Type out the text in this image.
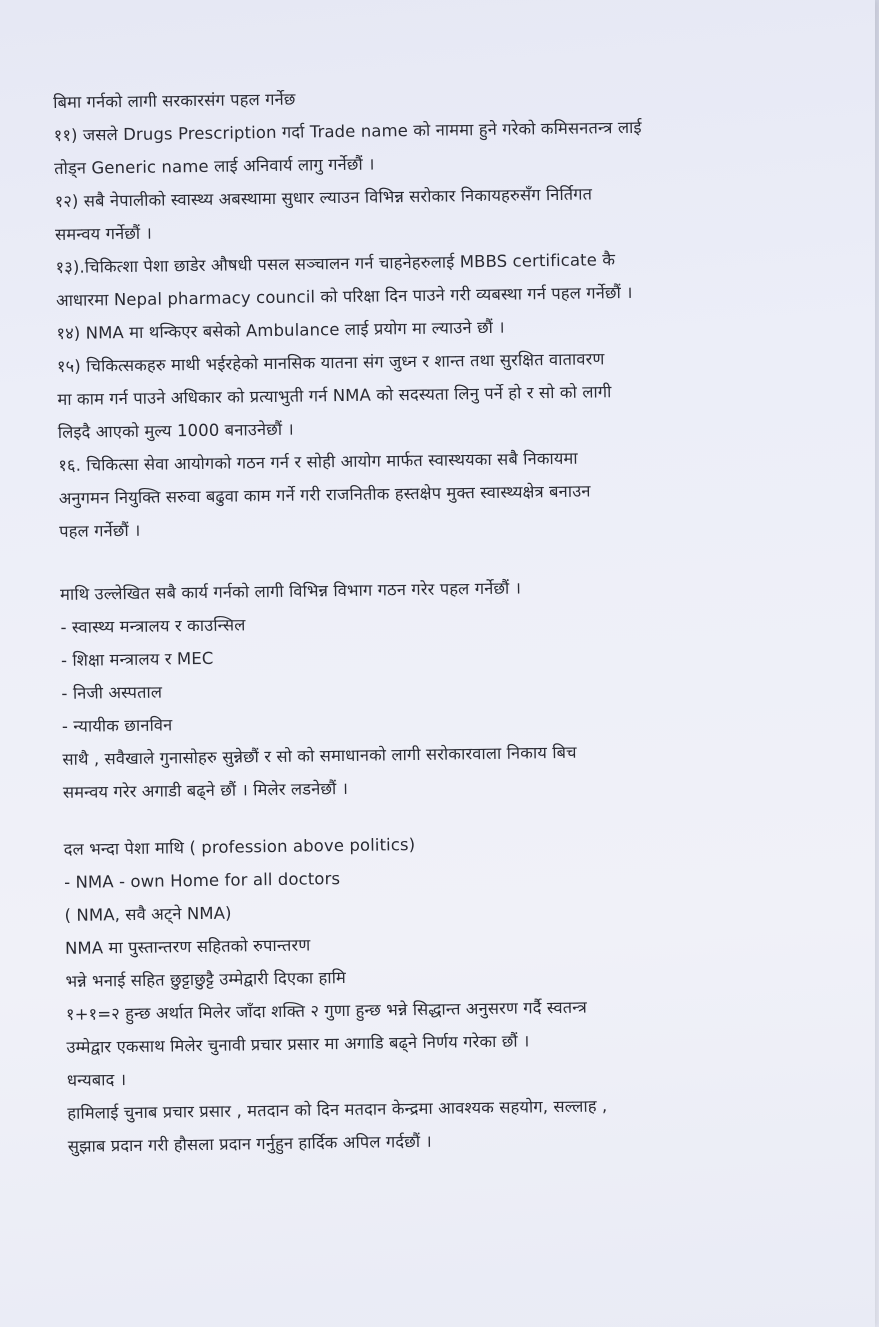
बिमा गर्नको लागी सरकारसंग पहल गर्नेछ
११) जसले Drugs Prescription गर्दा Trade name को नाममा हुने गरेको कमिसनतन्त्र लाई
तोड्न Generic name लाई अनिवार्य लागु गर्नेछौं ।
१२) सबै नेपालीको स्वास्थ्य अबस्थामा सुधार ल्याउन विभिन्न सरोकार निकायहरुसँग निर्तिगत
समन्वय गर्नेछौं ।
१३).चिकित्शा पेशा छाडेर औषधी पसल सञ्चालन गर्न चाहनेहरुलाई MBBS certificate कै
आधारमा Nepal pharmacy council को परिक्षा दिन पाउने गरी व्यबस्था गर्न पहल गर्नेछौं ।
१४) NMA मा थन्किएर बसेको Ambulance लाई प्रयोग मा ल्याउने छौं ।
१५) चिकित्सकहरु माथी भईरहेको मानसिक यातना संग जुध्न र शान्त तथा सुरक्षित वातावरण
मा काम गर्न पाउने अधिकार को प्रत्याभुती गर्न NMA को सदस्यता लिनु पर्ने हो र सो को लागी
लिइदै आएको मुल्य 1000 बनाउनेछौं ।
१६. चिकित्सा सेवा आयोगको गठन गर्न र सोही आयोग मार्फत स्वास्थयका सबै निकायमा
अनुगमन नियुक्ति सरुवा बढुवा काम गर्ने गरी राजनितीक हस्तक्षेप मुक्त स्वास्थ्यक्षेत्र बनाउन
पहल गर्नेछौं ।
माथि उल्लेखित सबै कार्य गर्नको लागी विभिन्न विभाग गठन गरेर पहल गर्नेछौं ।
- स्वास्थ्य मन्त्रालय र काउन्सिल
- शिक्षा मन्त्रालय र MEC
- निजी अस्पताल
- न्यायीक छानविन
साथै , सवैखाले गुनासोहरु सुन्नेछौं र सो को समाधानको लागी सरोकारवाला निकाय बिच
समन्वय गरेर अगाडी बढ्ने छौं । मिलेर लडनेछौं ।
दल भन्दा पेशा माथि ( profession above politics)
- NMA - own Home for all doctors
( NMA, सवै अट्ने NMA)
NMA मा पुस्तान्तरण सहितको रुपान्तरण
भन्ने भनाई सहित छुट्टाछुट्टै उम्मेद्वारी दिएका हामि
१+१=२ हुन्छ अर्थात मिलेर जाँदा शक्ति २ गुणा हुन्छ भन्ने सिद्धान्त अनुसरण गर्दै स्वतन्त्र
उम्मेद्वार एकसाथ मिलेर चुनावी प्रचार प्रसार मा अगाडि बढ्ने निर्णय गरेका छौं ।
धन्यबाद ।
हामिलाई चुनाब प्रचार प्रसार , मतदान को दिन मतदान केन्द्रमा आवश्यक सहयोग, सल्लाह ,
सुझाब प्रदान गरी हौसला प्रदान गर्नुहुन हार्दिक अपिल गर्दछौं ।
